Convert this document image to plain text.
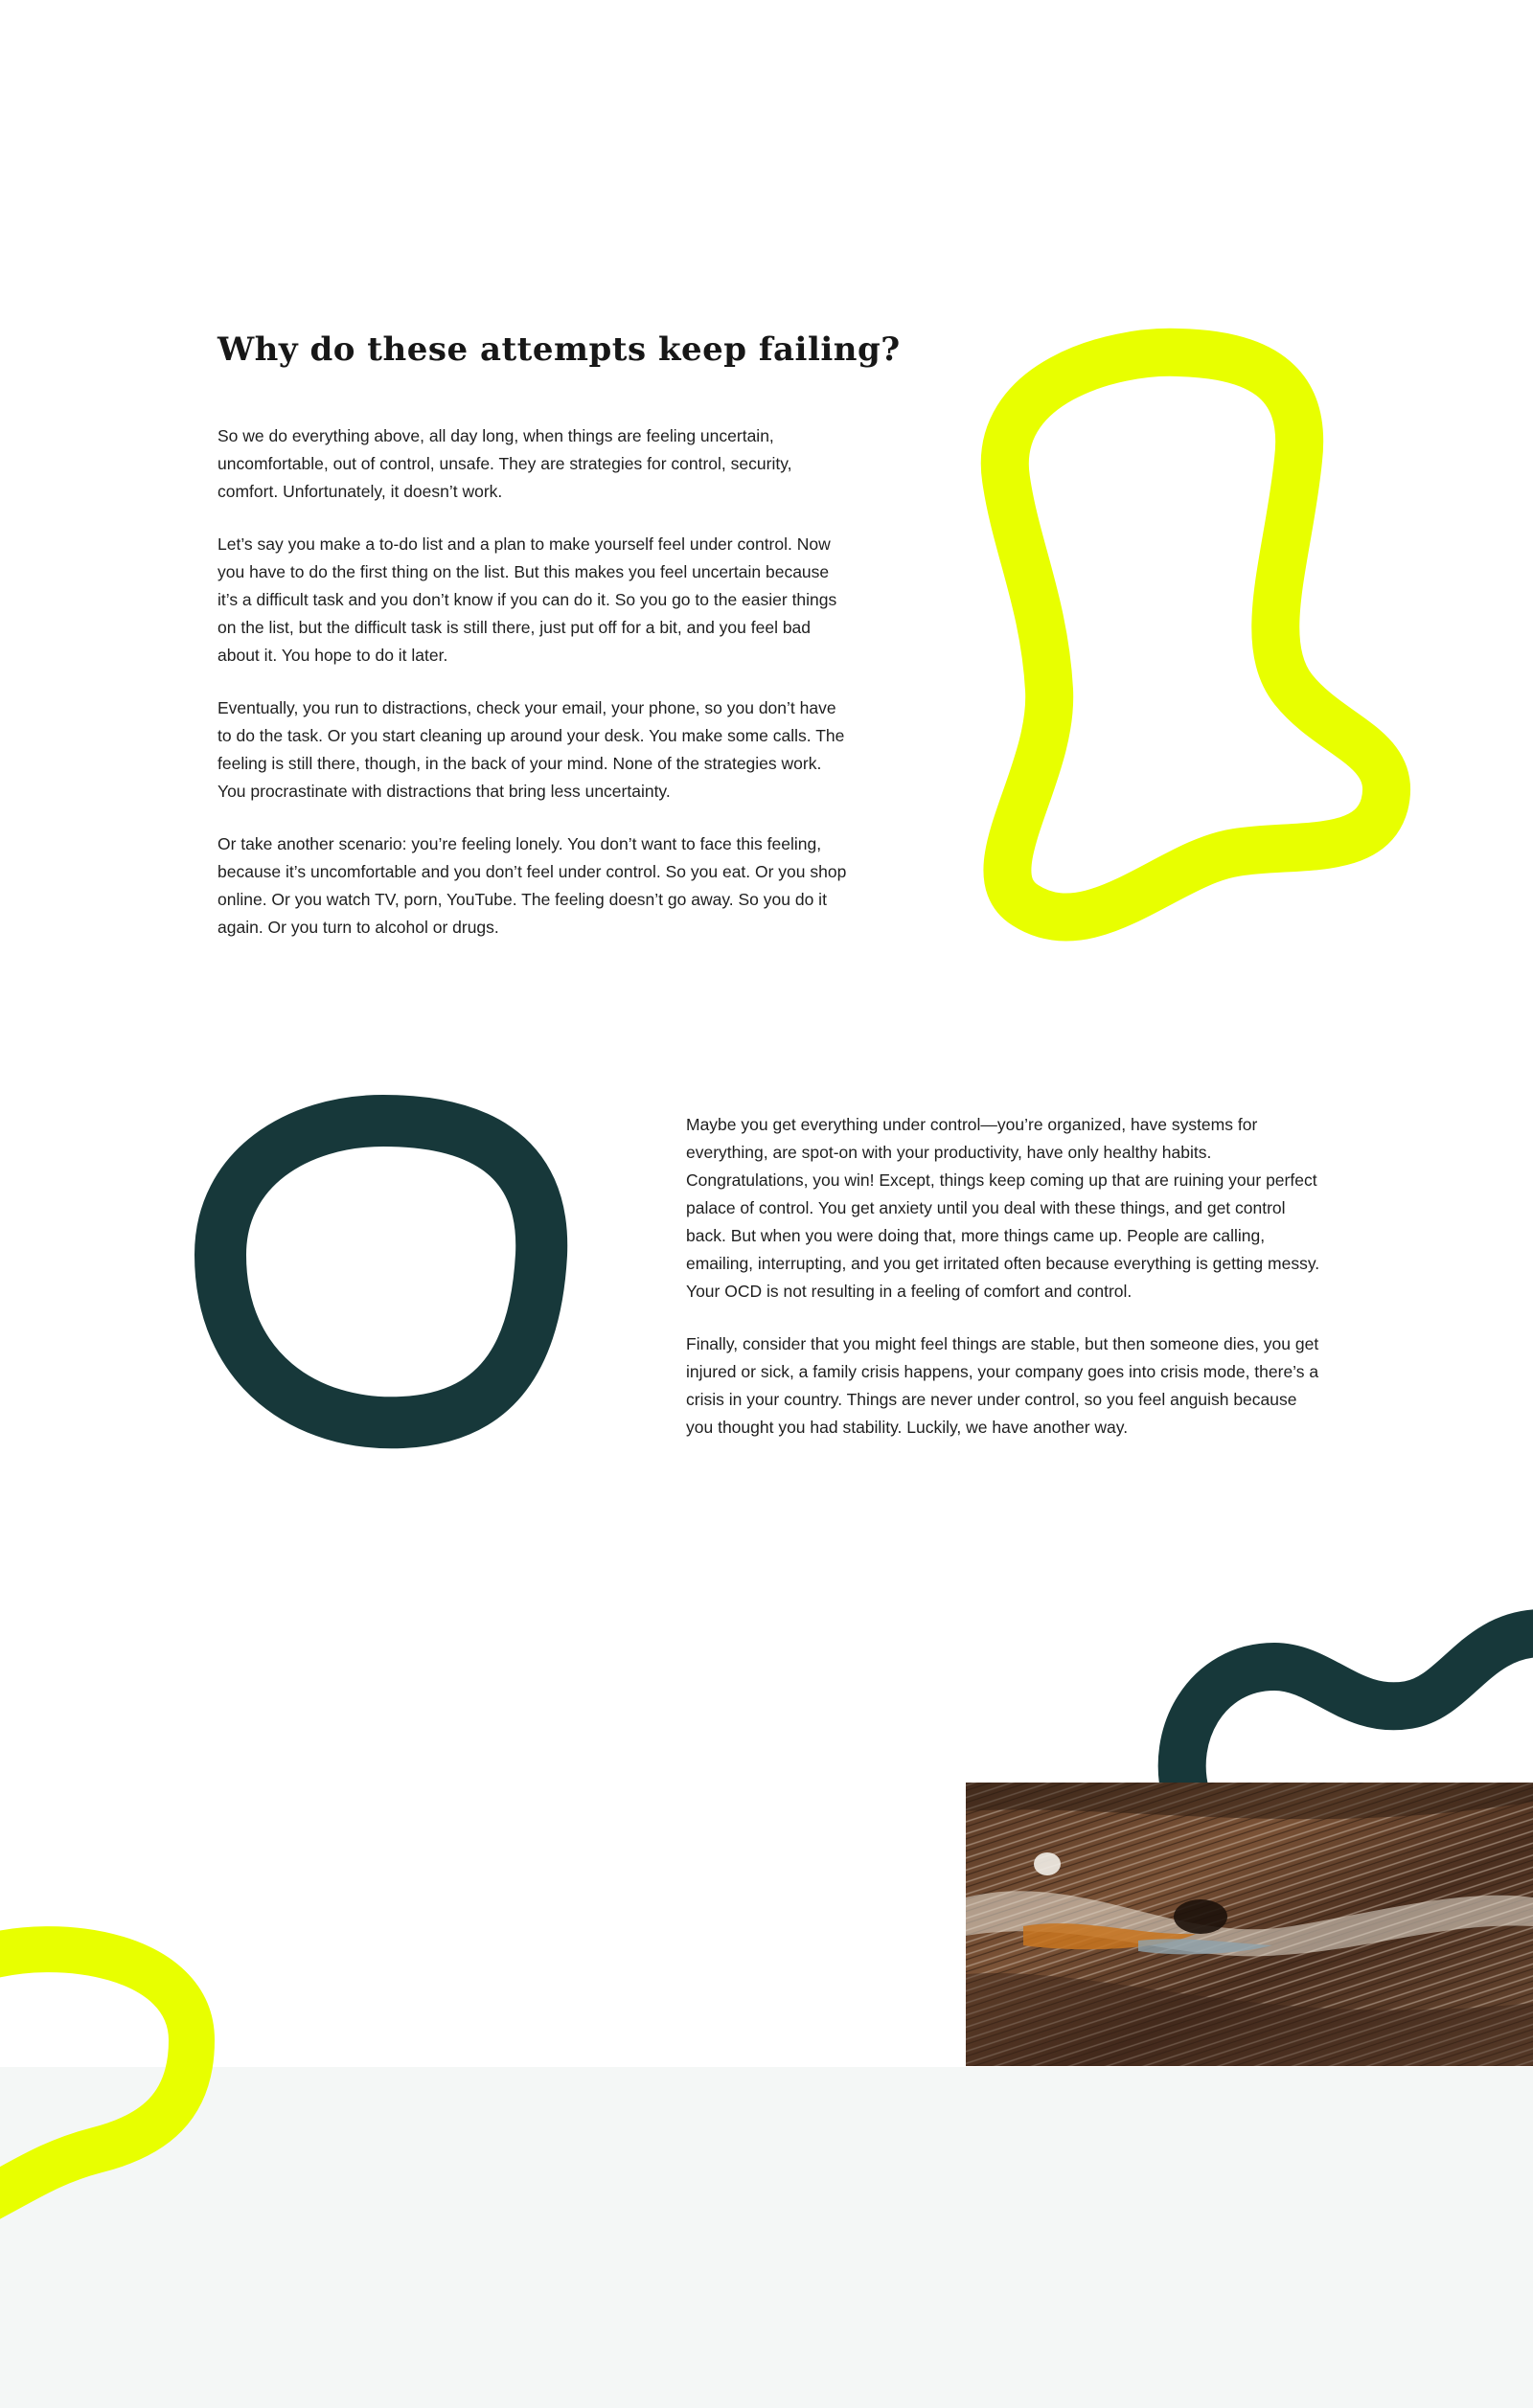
Why do these attempts keep failing?

So we do everything above, all day long, when things are feeling uncertain, uncomfortable, out of control, unsafe. They are strategies for control, security, comfort. Unfortunately, it doesn’t work.

Let’s say you make a to-do list and a plan to make yourself feel under control. Now you have to do the first thing on the list. But this makes you feel uncertain because it’s a difficult task and you don’t know if you can do it. So you go to the easier things on the list, but the difficult task is still there, just put off for a bit, and you feel bad about it. You hope to do it later.

Eventually, you run to distractions, check your email, your phone, so you don’t have to do the task. Or you start cleaning up around your desk. You make some calls. The feeling is still there, though, in the back of your mind. None of the strategies work. You procrastinate with distractions that bring less uncertainty.

Or take another scenario: you’re feeling lonely. You don’t want to face this feeling, because it’s uncomfortable and you don’t feel under control. So you eat. Or you shop online. Or you watch TV, porn, YouTube. The feeling doesn’t go away. So you do it again. Or you turn to alcohol or drugs.

Maybe you get everything under control—you’re organized, have systems for everything, are spot-on with your productivity, have only healthy habits. Congratulations, you win! Except, things keep coming up that are ruining your perfect palace of control. You get anxiety until you deal with these things, and get control back. But when you were doing that, more things came up. People are calling, emailing, interrupting, and you get irritated often because everything is getting messy. Your OCD is not resulting in a feeling of comfort and control.

Finally, consider that you might feel things are stable, but then someone dies, you get injured or sick, a family crisis happens, your company goes into crisis mode, there’s a crisis in your country. Things are never under control, so you feel anguish because you thought you had stability. Luckily, we have another way.
